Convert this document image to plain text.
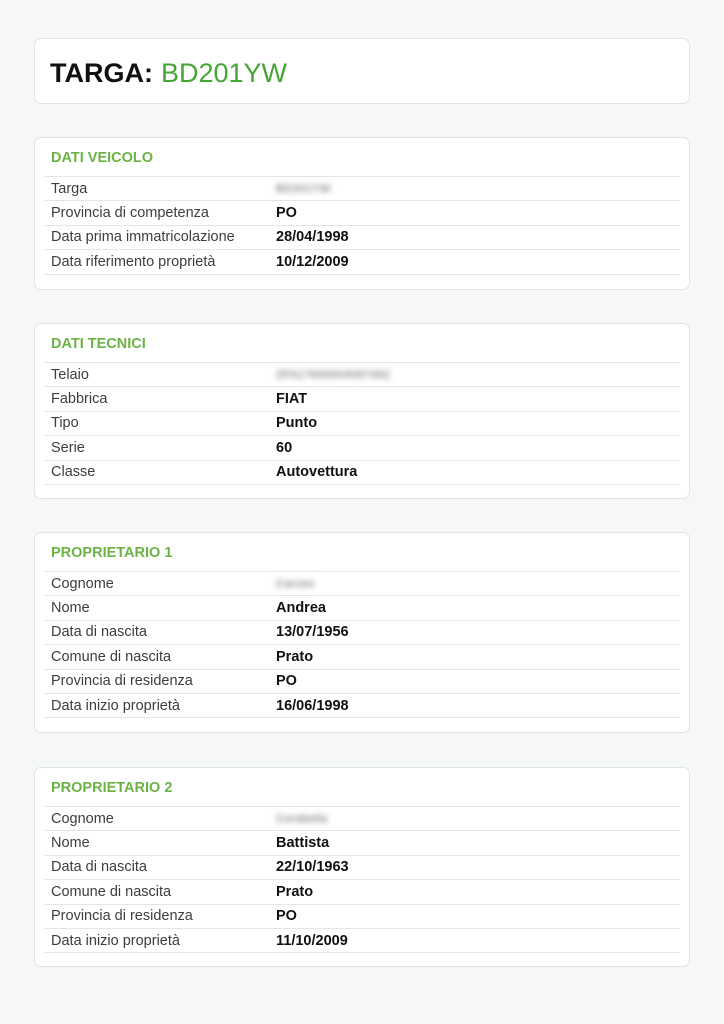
TARGA: BD201YW
DATI VEICOLO
Targa	BD201YW
Provincia di competenza	PO
Data prima immatricolazione	28/04/1998
Data riferimento proprietà	10/12/2009
DATI TECNICI
Telaio	ZFA17600004097462
Fabbrica	FIAT
Tipo	Punto
Serie	60
Classe	Autovettura
PROPRIETARIO 1
Cognome	Caruso
Nome	Andrea
Data di nascita	13/07/1956
Comune di nascita	Prato
Provincia di residenza	PO
Data inizio proprietà	16/06/1998
PROPRIETARIO 2
Cognome	Corabella
Nome	Battista
Data di nascita	22/10/1963
Comune di nascita	Prato
Provincia di residenza	PO
Data inizio proprietà	11/10/2009
